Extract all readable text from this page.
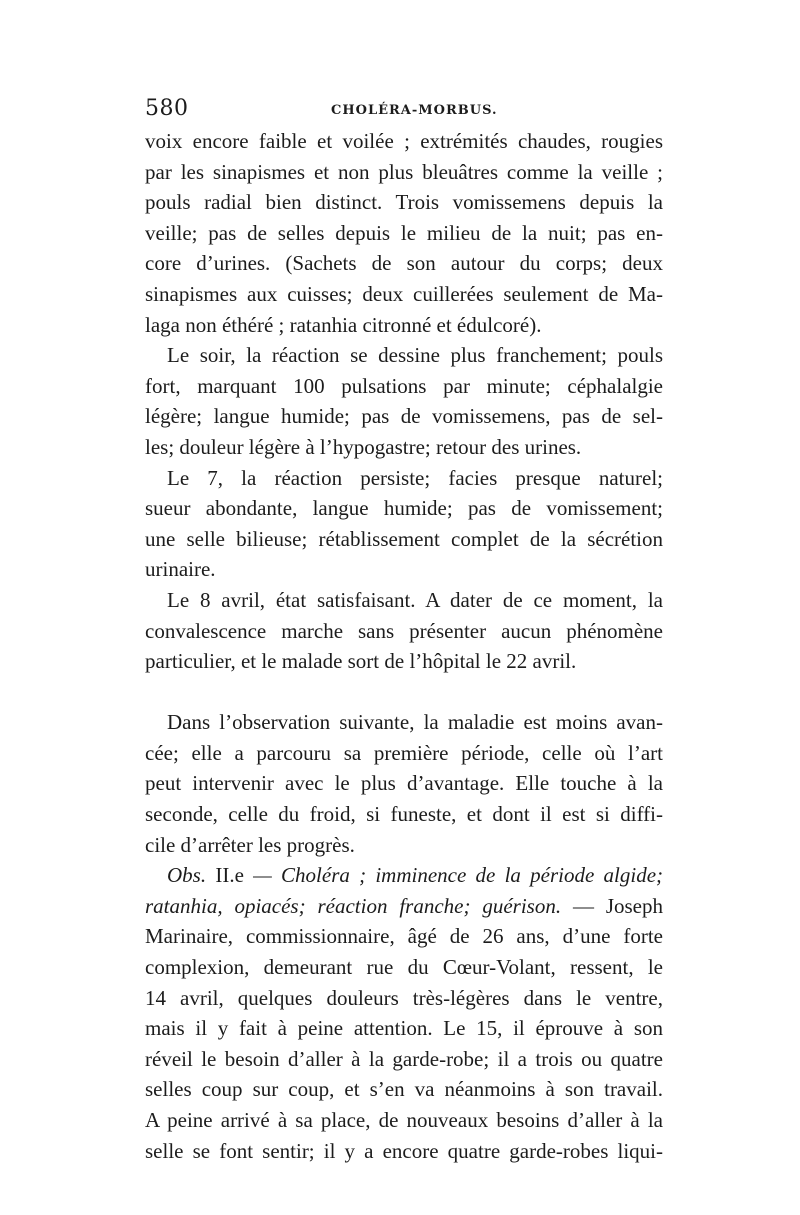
580	CHOLÉRA-MORBUS.
voix encore faible et voilée ; extrémités chaudes, rougies
par les sinapismes et non plus bleuâtres comme la veille ;
pouls radial bien distinct. Trois vomissemens depuis la
veille; pas de selles depuis le milieu de la nuit; pas en-
core d’urines. (Sachets de son autour du corps; deux
sinapismes aux cuisses; deux cuillerées seulement de Ma-
laga non éthéré ; ratanhia citronné et édulcoré).
Le soir, la réaction se dessine plus franchement; pouls
fort, marquant 100 pulsations par minute; céphalalgie
légère; langue humide; pas de vomissemens, pas de sel-
les; douleur légère à l’hypogastre; retour des urines.
Le 7, la réaction persiste; facies presque naturel;
sueur abondante, langue humide; pas de vomissement;
une selle bilieuse; rétablissement complet de la sécrétion
urinaire.
Le 8 avril, état satisfaisant. A dater de ce moment, la
convalescence marche sans présenter aucun phénomène
particulier, et le malade sort de l’hôpital le 22 avril.
Dans l’observation suivante, la maladie est moins avan-
cée; elle a parcouru sa première période, celle où l’art
peut intervenir avec le plus d’avantage. Elle touche à la
seconde, celle du froid, si funeste, et dont il est si diffi-
cile d’arrêter les progrès.
Obs. II.e — Choléra ; imminence de la période algide;
ratanhia, opiacés; réaction franche; guérison. — Joseph
Marinaire, commissionnaire, âgé de 26 ans, d’une forte
complexion, demeurant rue du Cœur-Volant, ressent, le
14 avril, quelques douleurs très-légères dans le ventre,
mais il y fait à peine attention. Le 15, il éprouve à son
réveil le besoin d’aller à la garde-robe; il a trois ou quatre
selles coup sur coup, et s’en va néanmoins à son travail.
A peine arrivé à sa place, de nouveaux besoins d’aller à la
selle se font sentir; il y a encore quatre garde-robes liqui-
